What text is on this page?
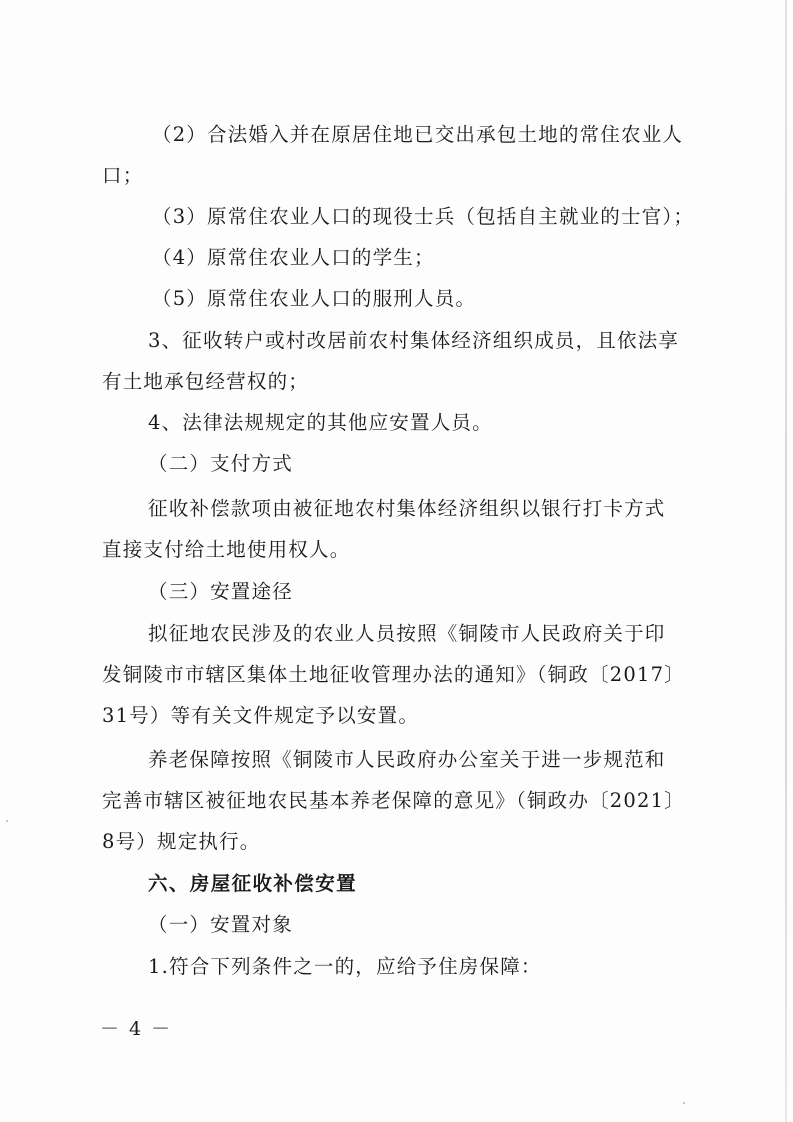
（2）合法婚入并在原居住地已交出承包土地的常住农业人
口；
（3）原常住农业人口的现役士兵（包括自主就业的士官）；
（4）原常住农业人口的学生；
（5）原常住农业人口的服刑人员。
3、征收转户或村改居前农村集体经济组织成员，且依法享
有土地承包经营权的；
4、法律法规规定的其他应安置人员。
（二）支付方式
征收补偿款项由被征地农村集体经济组织以银行打卡方式
直接支付给土地使用权人。
（三）安置途径
拟征地农民涉及的农业人员按照《铜陵市人民政府关于印
发铜陵市市辖区集体土地征收管理办法的通知》（铜政〔2017〕
31号）等有关文件规定予以安置。
养老保障按照《铜陵市人民政府办公室关于进一步规范和
完善市辖区被征地农民基本养老保障的意见》（铜政办〔2021〕
8号）规定执行。
六、房屋征收补偿安置
（一）安置对象
1.符合下列条件之一的，应给予住房保障：
－ 4 －
